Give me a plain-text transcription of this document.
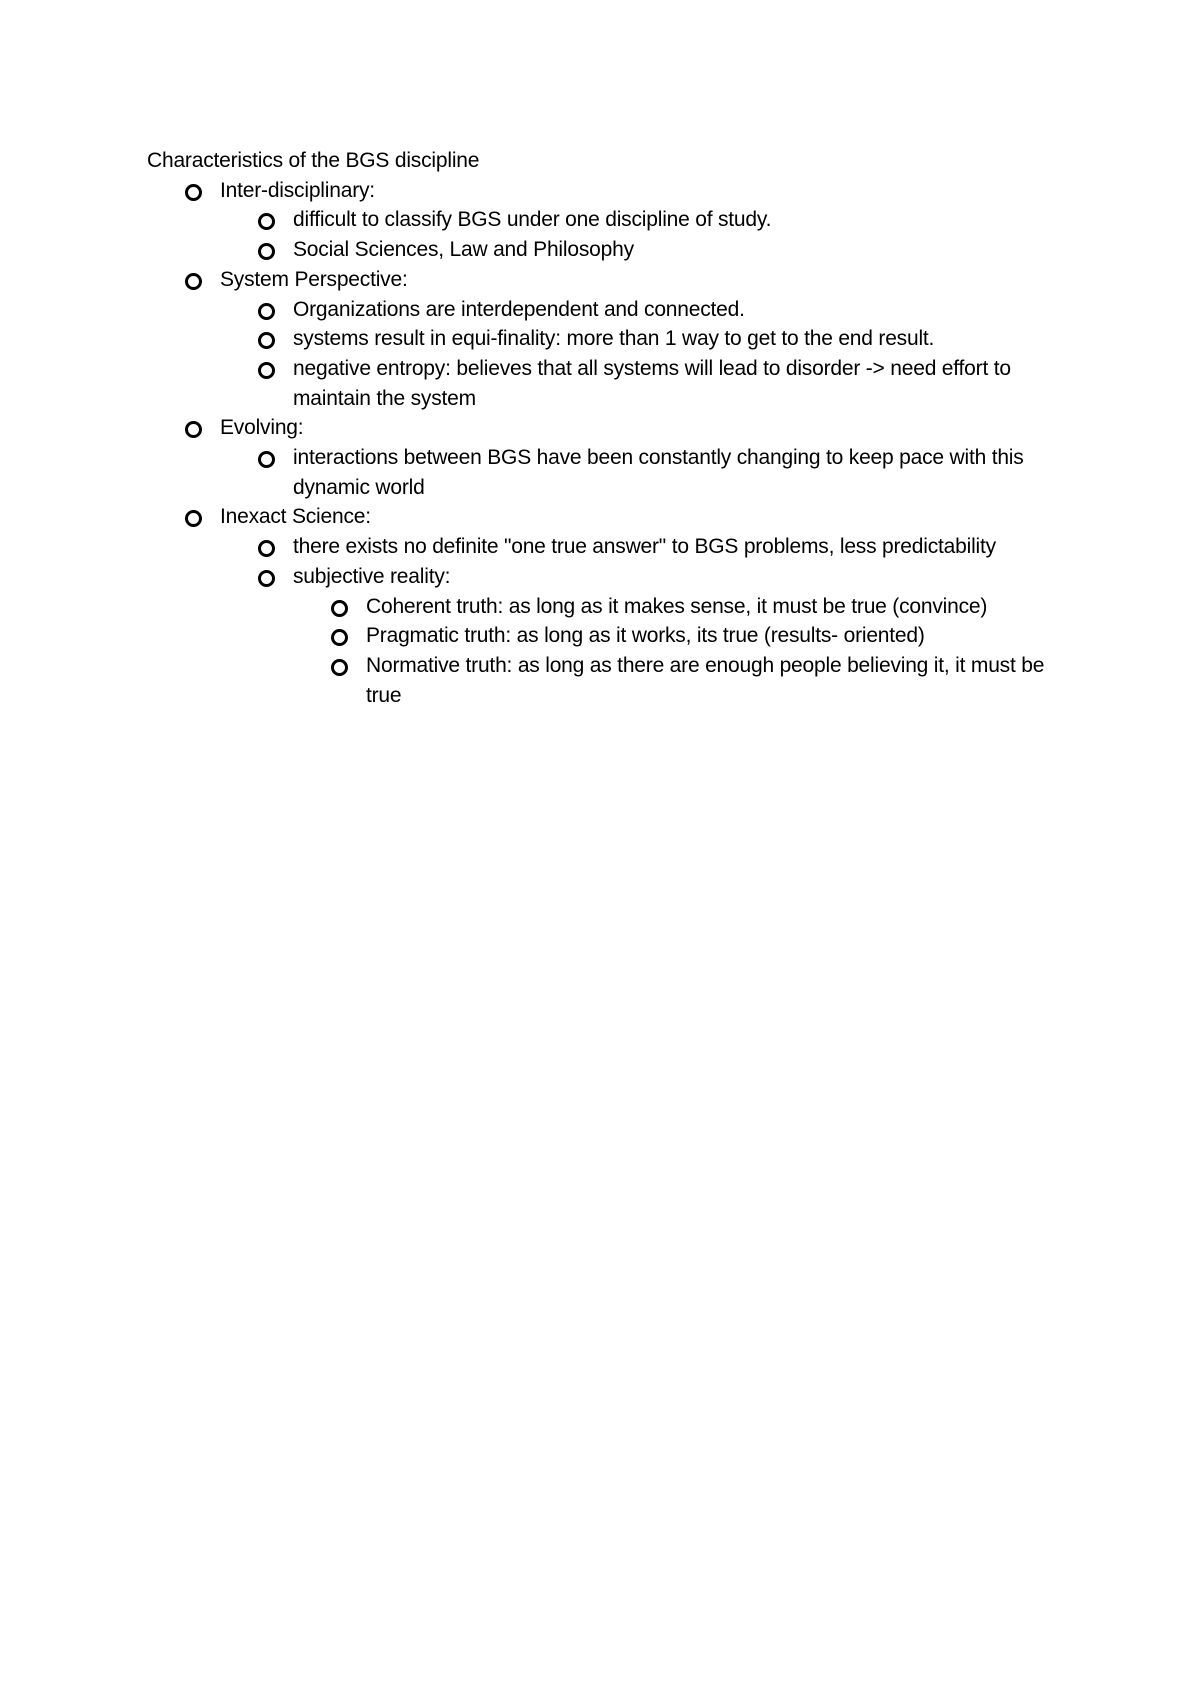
Characteristics of the BGS discipline

Inter-disciplinary:
difficult to classify BGS under one discipline of study.
Social Sciences, Law and Philosophy
System Perspective:
Organizations are interdependent and connected.
systems result in equi-finality: more than 1 way to get to the end result.
negative entropy: believes that all systems will lead to disorder -> need effort to maintain the system
Evolving:
interactions between BGS have been constantly changing to keep pace with this dynamic world
Inexact Science:
there exists no definite "one true answer" to BGS problems, less predictability
subjective reality:
Coherent truth: as long as it makes sense, it must be true (convince)
Pragmatic truth: as long as it works, its true (results- oriented)
Normative truth: as long as there are enough people believing it, it must be true
